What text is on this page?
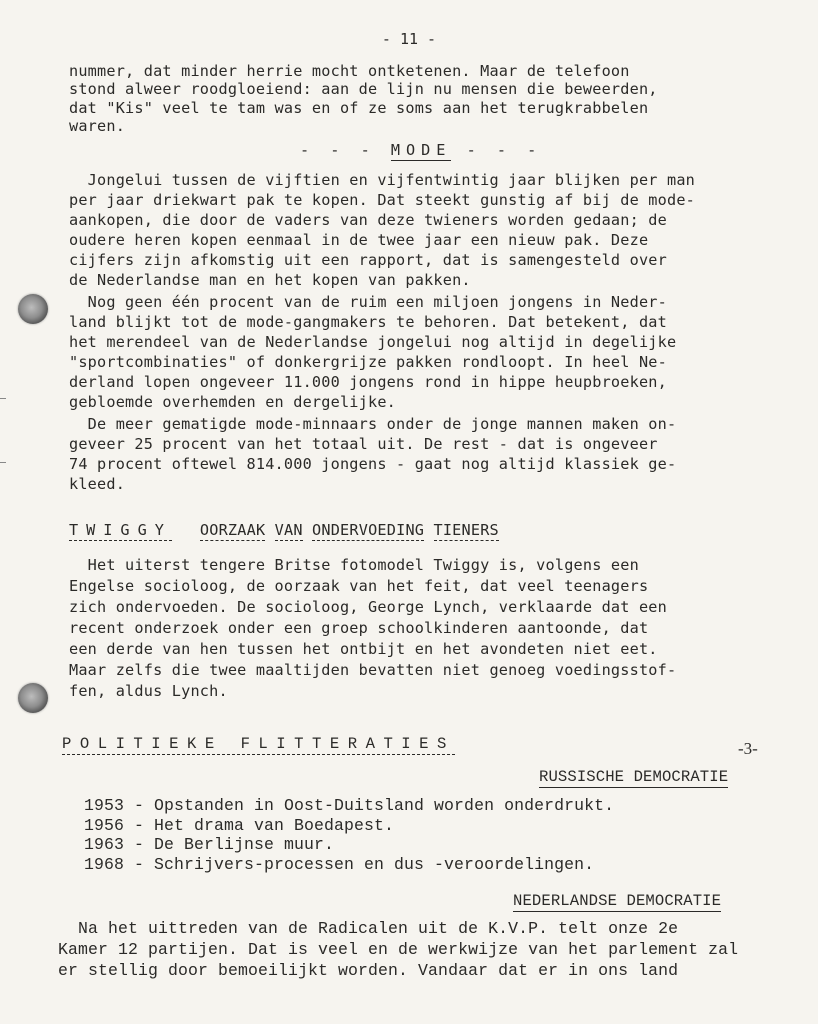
- 11 -
nummer, dat minder herrie mocht ontketenen. Maar de telefoon
stond alweer roodgloeiend: aan de lijn nu mensen die beweerden,
dat "Kis" veel te tam was en of ze soms aan het terugkrabbelen
waren.
- - - MODE - - -
Jongelui tussen de vijftien en vijfentwintig jaar blijken per man
per jaar driekwart pak te kopen. Dat steekt gunstig af bij de mode-
aankopen, die door de vaders van deze twieners worden gedaan; de
oudere heren kopen eenmaal in de twee jaar een nieuw pak. Deze
cijfers zijn afkomstig uit een rapport, dat is samengesteld over
de Nederlandse man en het kopen van pakken.
Nog geen één procent van de ruim een miljoen jongens in Neder-
land blijkt tot de mode-gangmakers te behoren. Dat betekent, dat
het merendeel van de Nederlandse jongelui nog altijd in degelijke
"sportcombinaties" of donkergrijze pakken rondloopt. In heel Ne-
derland lopen ongeveer 11.000 jongens rond in hippe heupbroeken,
gebloemde overhemden en dergelijke.
De meer gematigde mode-minnaars onder de jonge mannen maken on-
geveer 25 procent van het totaal uit. De rest - dat is ongeveer
74 procent oftewel 814.000 jongens - gaat nog altijd klassiek ge-
kleed.
TWIGGY OORZAAK VAN ONDERVOEDING TIENERS
Het uiterst tengere Britse fotomodel Twiggy is, volgens een
Engelse socioloog, de oorzaak van het feit, dat veel teenagers
zich ondervoeden. De socioloog, George Lynch, verklaarde dat een
recent onderzoek onder een groep schoolkinderen aantoonde, dat
een derde van hen tussen het ontbijt en het avondeten niet eet.
Maar zelfs die twee maaltijden bevatten niet genoeg voedingsstof-
fen, aldus Lynch.
POLITIEKE FLITTERATIES	-3-
RUSSISCHE DEMOCRATIE
1953 - Opstanden in Oost-Duitsland worden onderdrukt.
1956 - Het drama van Boedapest.
1963 - De Berlijnse muur.
1968 - Schrijvers-processen en dus -veroordelingen.
NEDERLANDSE DEMOCRATIE
Na het uittreden van de Radicalen uit de K.V.P. telt onze 2e
Kamer 12 partijen. Dat is veel en de werkwijze van het parlement zal
er stellig door bemoeilijkt worden. Vandaar dat er in ons land
